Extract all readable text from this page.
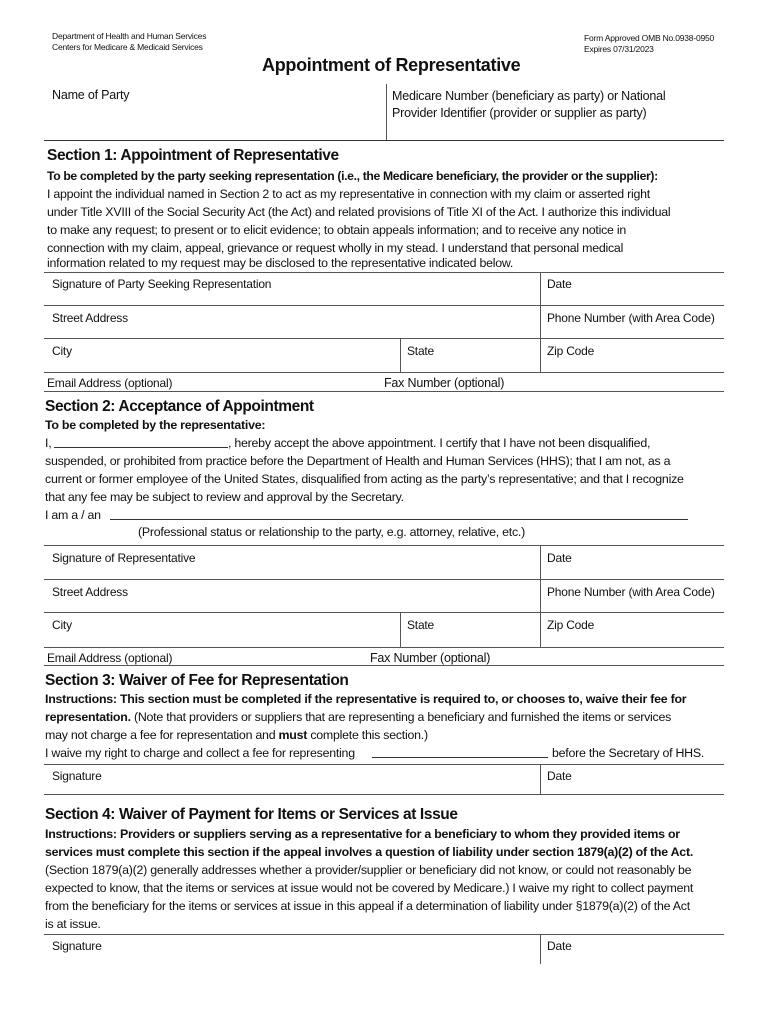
Department of Health and Human Services
Centers for Medicare & Medicaid Services
Form Approved OMB No.0938-0950
Expires 07/31/2023
Appointment of Representative
Name of Party	Medicare Number (beneficiary as party) or National
Provider Identifier (provider or supplier as party)
Section 1: Appointment of Representative
To be completed by the party seeking representation (i.e., the Medicare beneficiary, the provider or the supplier):
I appoint the individual named in Section 2 to act as my representative in connection with my claim or asserted right
under Title XVIII of the Social Security Act (the Act) and related provisions of Title XI of the Act. I authorize this individual
to make any request; to present or to elicit evidence; to obtain appeals information; and to receive any notice in
connection with my claim, appeal, grievance or request wholly in my stead. I understand that personal medical
information related to my request may be disclosed to the representative indicated below.
Signature of Party Seeking Representation	Date
Street Address	Phone Number (with Area Code)
City	State	Zip Code
Email Address (optional)	Fax Number (optional)
Section 2: Acceptance of Appointment
To be completed by the representative:
I,	, hereby accept the above appointment. I certify that I have not been disqualified,
suspended, or prohibited from practice before the Department of Health and Human Services (HHS); that I am not, as a
current or former employee of the United States, disqualified from acting as the party’s representative; and that I recognize
that any fee may be subject to review and approval by the Secretary.
I am a / an
(Professional status or relationship to the party, e.g. attorney, relative, etc.)
Signature of Representative	Date
Street Address	Phone Number (with Area Code)
City	State	Zip Code
Email Address (optional)	Fax Number (optional)
Section 3: Waiver of Fee for Representation
Instructions: This section must be completed if the representative is required to, or chooses to, waive their fee for
representation. (Note that providers or suppliers that are representing a beneficiary and furnished the items or services
may not charge a fee for representation and must complete this section.)
I waive my right to charge and collect a fee for representing	before the Secretary of HHS.
Signature	Date
Section 4: Waiver of Payment for Items or Services at Issue
Instructions: Providers or suppliers serving as a representative for a beneficiary to whom they provided items or
services must complete this section if the appeal involves a question of liability under section 1879(a)(2) of the Act.
(Section 1879(a)(2) generally addresses whether a provider/supplier or beneficiary did not know, or could not reasonably be
expected to know, that the items or services at issue would not be covered by Medicare.) I waive my right to collect payment
from the beneficiary for the items or services at issue in this appeal if a determination of liability under §1879(a)(2) of the Act
is at issue.
Signature	Date
